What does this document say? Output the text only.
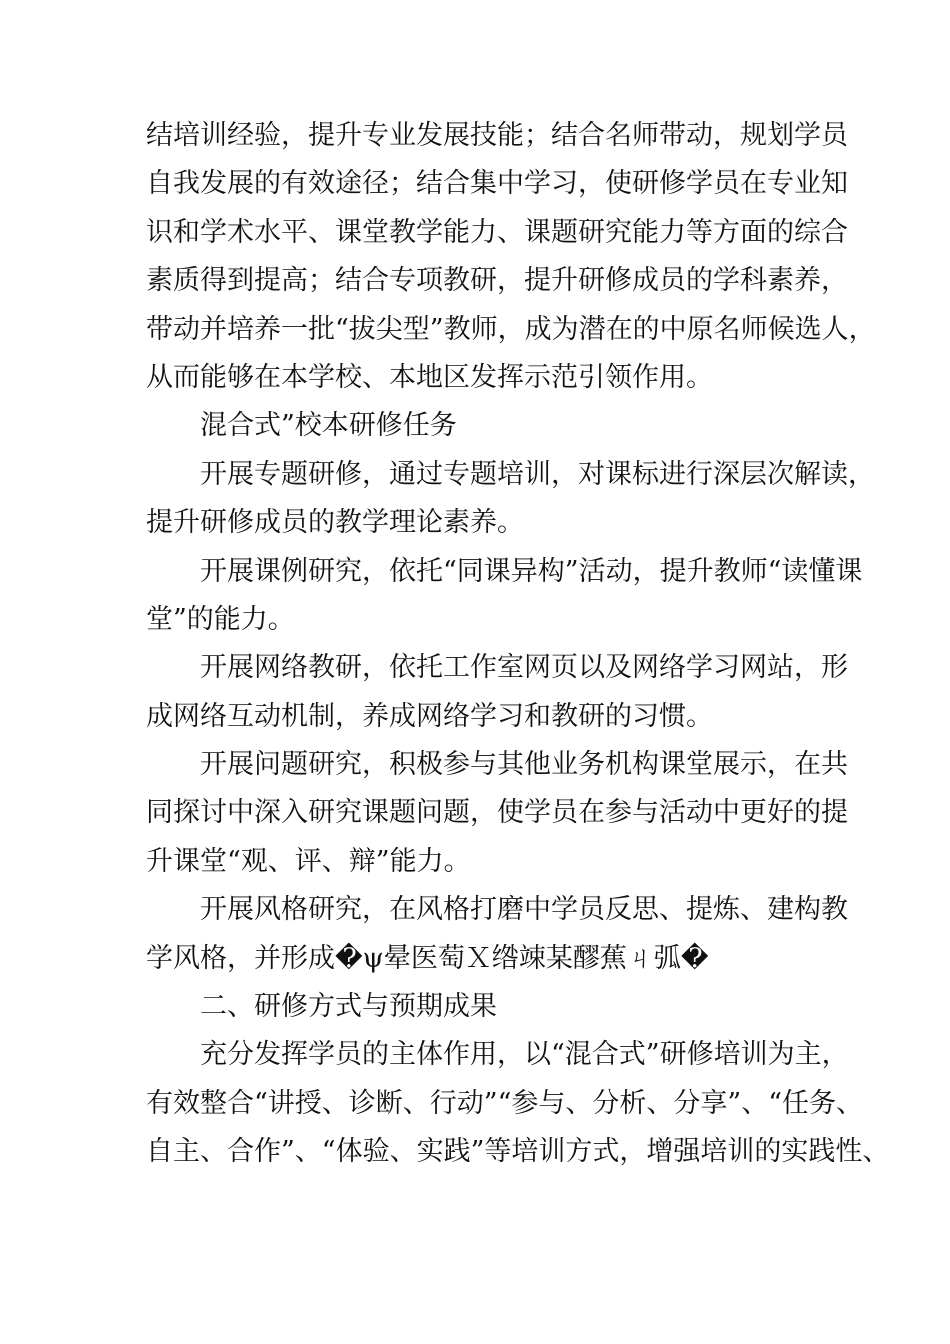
结培训经验，提升专业发展技能；结合名师带动，规划学员
自我发展的有效途径；结合集中学习，使研修学员在专业知
识和学术水平、课堂教学能力、课题研究能力等方面的综合
素质得到提高；结合专项教研，提升研修成员的学科素养，
带动并培养一批“拔尖型”教师，成为潜在的中原名师候选人，
从而能够在本学校、本地区发挥示范引领作用。
混合式”校本研修任务
开展专题研修，通过专题培训，对课标进行深层次解读，
提升研修成员的教学理论素养。
开展课例研究，依托“同课异构”活动，提升教师“读懂课
堂”的能力。
开展网络教研，依托工作室网页以及网络学习网站，形
成网络互动机制，养成网络学习和教研的习惯。
开展问题研究，积极参与其他业务机构课堂展示，在共
同探讨中深入研究课题问题，使学员在参与活动中更好的提
升课堂“观、评、辩”能力。
开展风格研究，在风格打磨中学员反思、提炼、建构教
学风格，并形成�ψ晕医萄Ｘ绺竦某醪蕉ㄐ弧�
二、研修方式与预期成果
充分发挥学员的主体作用，以“混合式”研修培训为主，
有效整合“讲授、诊断、行动”“参与、分析、分享”、“任务、
自主、合作”、“体验、实践”等培训方式，增强培训的实践性、
